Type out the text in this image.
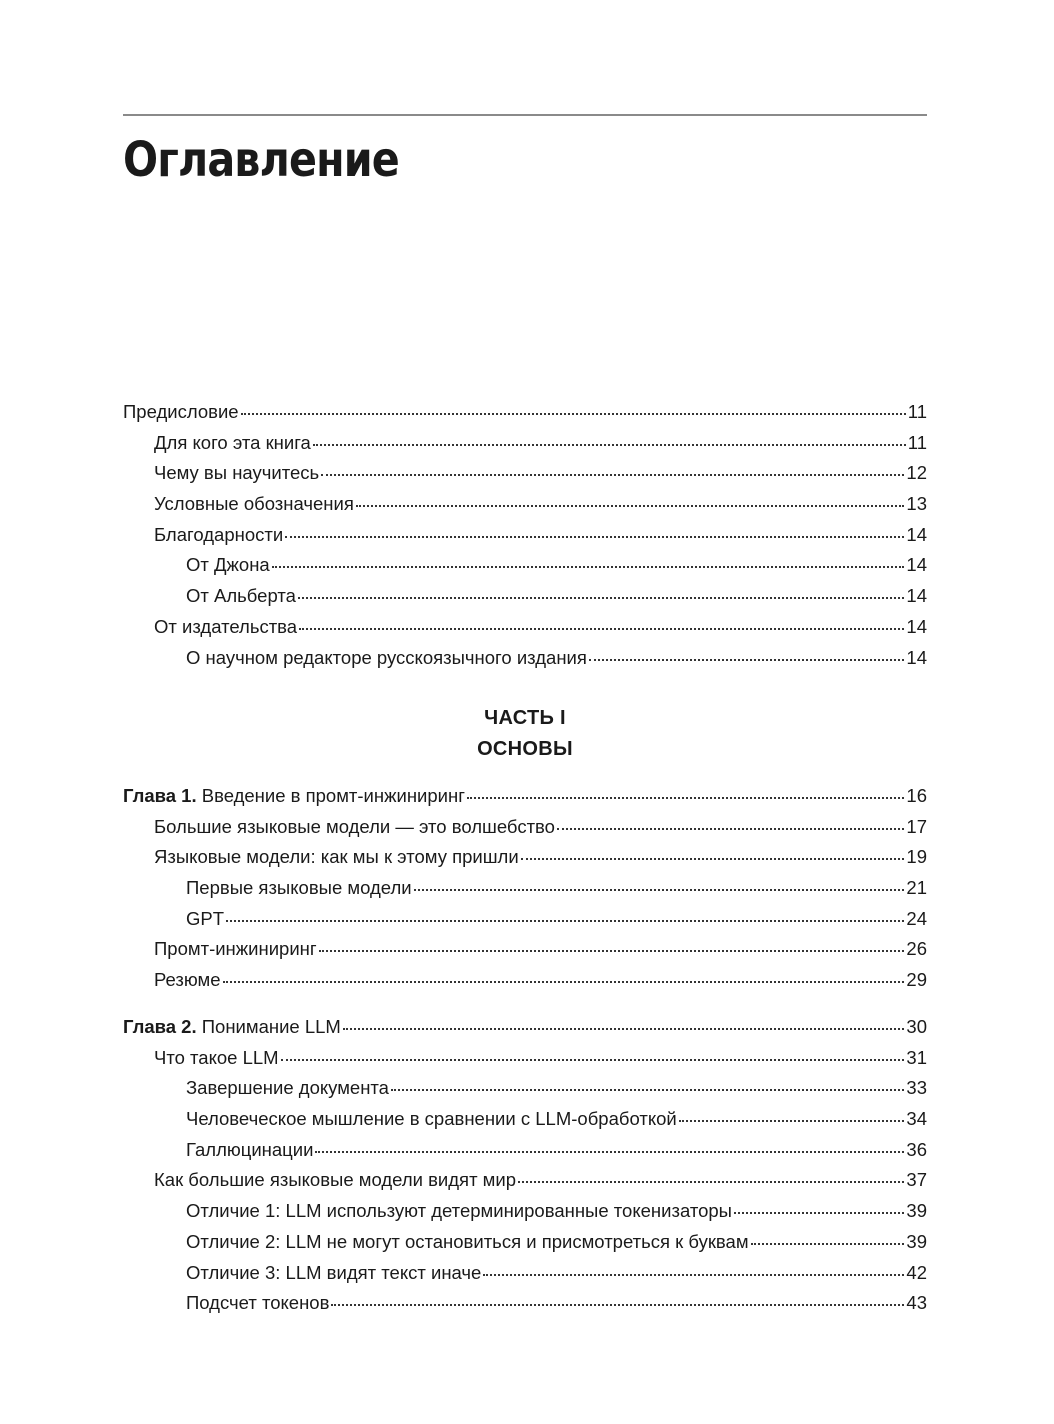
Оглавление
Предисловие	11
Для кого эта книга	11
Чему вы научитесь	12
Условные обозначения	13
Благодарности	14
От Джона	14
От Альберта	14
От издательства	14
О научном редакторе русскоязычного издания	14
ЧАСТЬ I
ОСНОВЫ
Глава 1. Введение в промт-инжиниринг	16
Большие языковые модели — это волшебство	17
Языковые модели: как мы к этому пришли	19
Первые языковые модели	21
GPT	24
Промт-инжиниринг	26
Резюме	29
Глава 2. Понимание LLM	30
Что такое LLM	31
Завершение документа	33
Человеческое мышление в сравнении с LLM-обработкой	34
Галлюцинации	36
Как большие языковые модели видят мир	37
Отличие 1: LLM используют детерминированные токенизаторы	39
Отличие 2: LLM не могут остановиться и присмотреться к буквам	39
Отличие 3: LLM видят текст иначе	42
Подсчет токенов	43
